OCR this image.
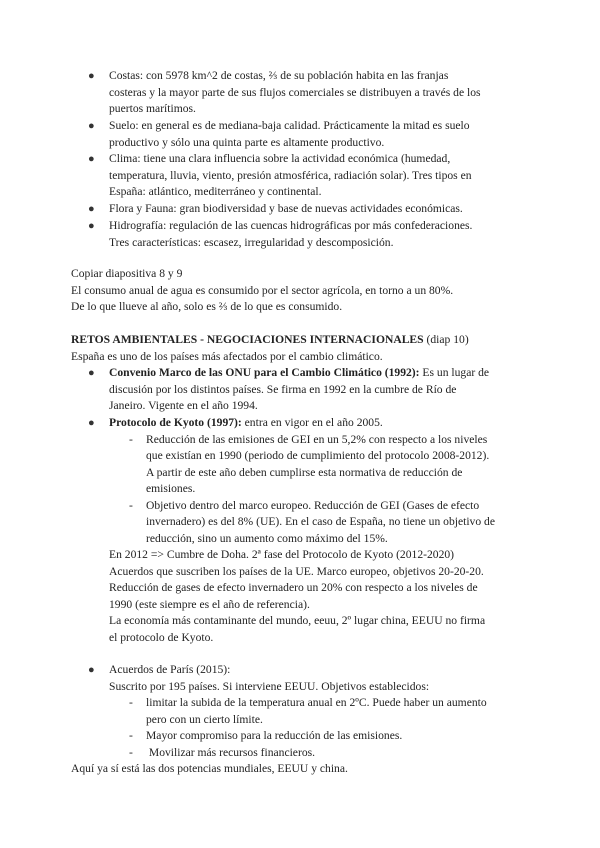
● Costas: con 5978 km^2 de costas, ⅔ de su población habita en las franjas
costeras y la mayor parte de sus flujos comerciales se distribuyen a través de los
puertos marítimos.
● Suelo: en general es de mediana-baja calidad. Prácticamente la mitad es suelo
productivo y sólo una quinta parte es altamente productivo.
● Clima: tiene una clara influencia sobre la actividad económica (humedad,
temperatura, lluvia, viento, presión atmosférica, radiación solar). Tres tipos en
España: atlántico, mediterráneo y continental.
● Flora y Fauna: gran biodiversidad y base de nuevas actividades económicas.
● Hidrografía: regulación de las cuencas hidrográficas por más confederaciones.
Tres características: escasez, irregularidad y descomposición.
Copiar diapositiva 8 y 9
El consumo anual de agua es consumido por el sector agrícola, en torno a un 80%.
De lo que llueve al año, solo es ⅔ de lo que es consumido.
RETOS AMBIENTALES - NEGOCIACIONES INTERNACIONALES (diap 10)
España es uno de los países más afectados por el cambio climático.
● Convenio Marco de las ONU para el Cambio Climático (1992): Es un lugar de
discusión por los distintos países. Se firma en 1992 en la cumbre de Río de
Janeiro. Vigente en el año 1994.
● Protocolo de Kyoto (1997): entra en vigor en el año 2005.
- Reducción de las emisiones de GEI en un 5,2% con respecto a los niveles
que existían en 1990 (periodo de cumplimiento del protocolo 2008-2012).
A partir de este año deben cumplirse esta normativa de reducción de
emisiones.
- Objetivo dentro del marco europeo. Reducción de GEI (Gases de efecto
invernadero) es del 8% (UE). En el caso de España, no tiene un objetivo de
reducción, sino un aumento como máximo del 15%.
En 2012 => Cumbre de Doha. 2ª fase del Protocolo de Kyoto (2012-2020)
Acuerdos que suscriben los países de la UE. Marco europeo, objetivos 20-20-20.
Reducción de gases de efecto invernadero un 20% con respecto a los niveles de
1990 (este siempre es el año de referencia).
La economía más contaminante del mundo, eeuu, 2º lugar china, EEUU no firma
el protocolo de Kyoto.
● Acuerdos de París (2015):
Suscrito por 195 países. Si interviene EEUU. Objetivos establecidos:
- limitar la subida de la temperatura anual en 2ºC. Puede haber un aumento
pero con un cierto límite.
- Mayor compromiso para la reducción de las emisiones.
- Movilizar más recursos financieros.
Aquí ya sí está las dos potencias mundiales, EEUU y china.
